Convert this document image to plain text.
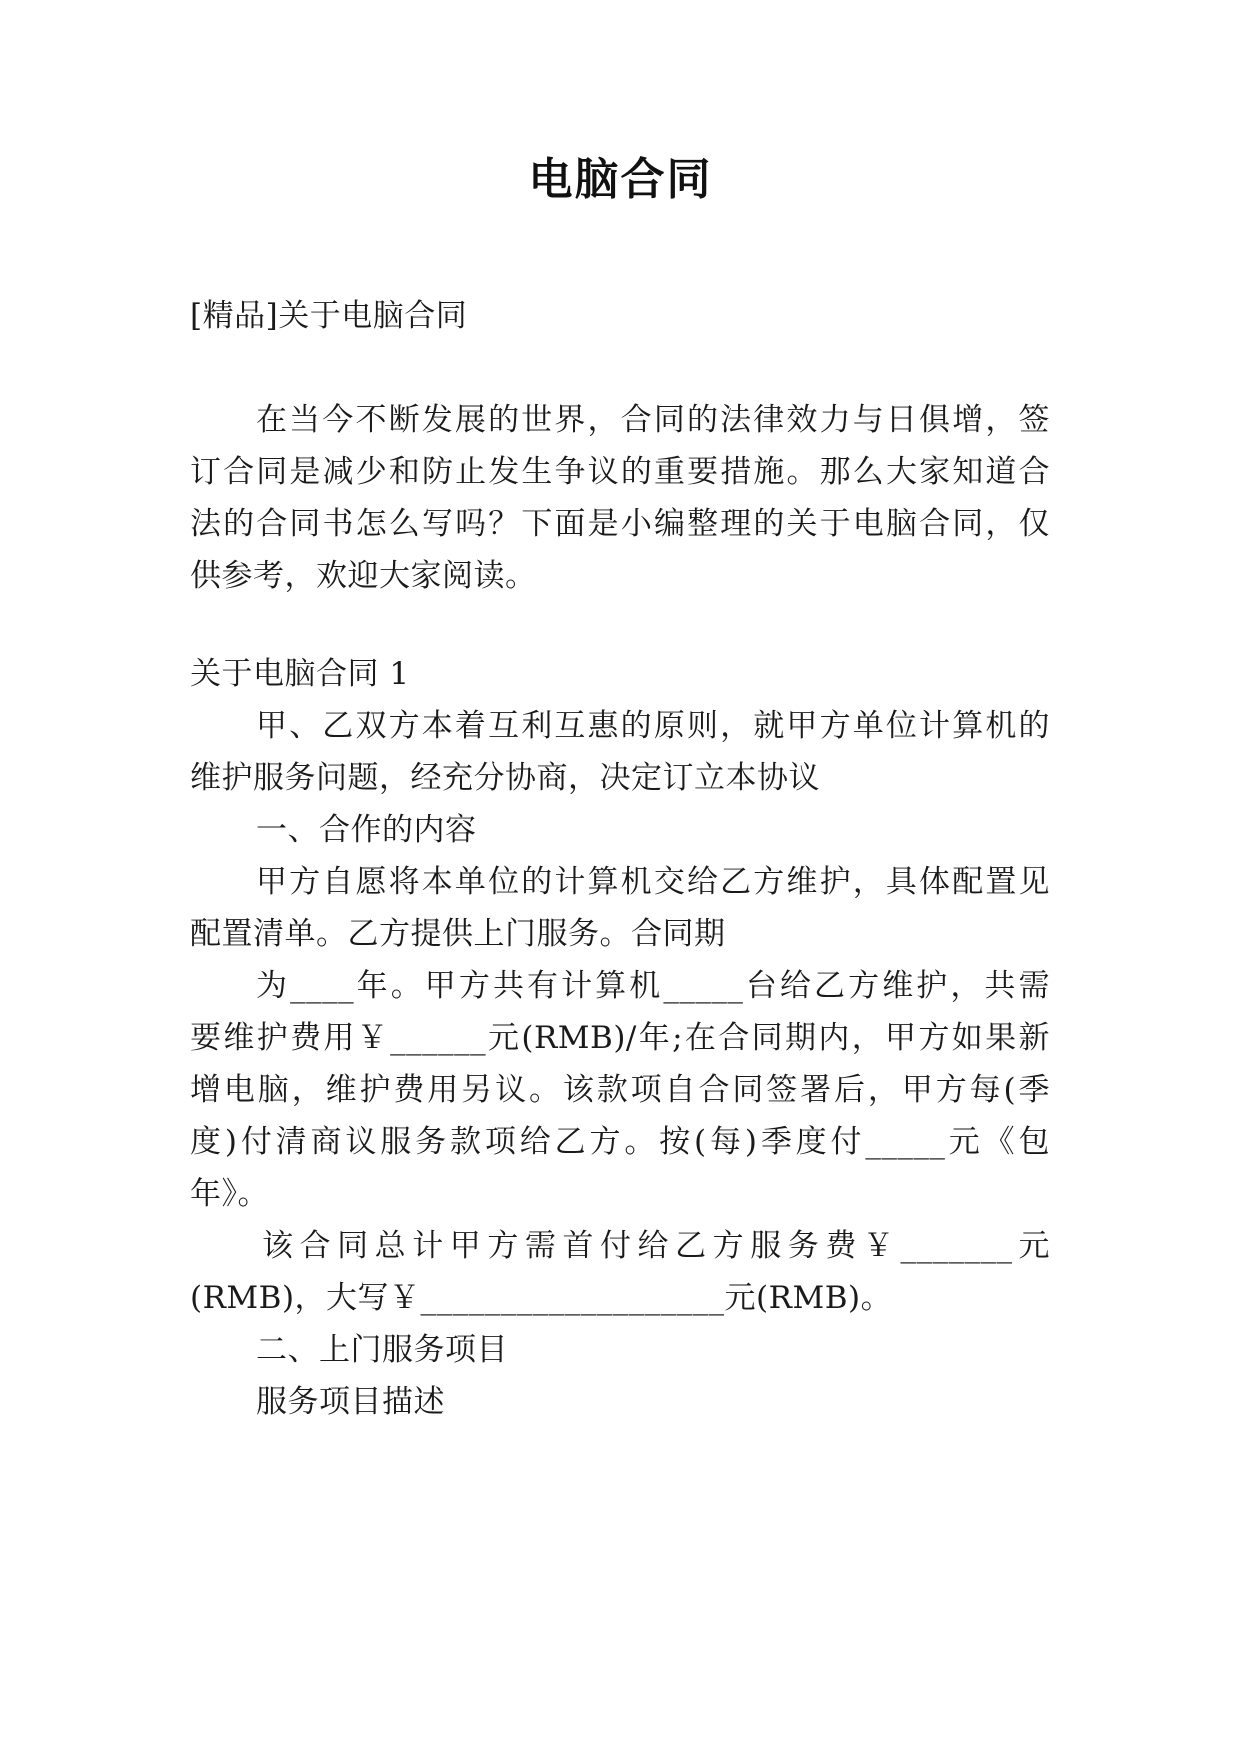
电脑合同
[精品]关于电脑合同
在当今不断发展的世界，合同的法律效力与日俱增，签
订合同是减少和防止发生争议的重要措施。那么大家知道合
法的合同书怎么写吗？下面是小编整理的关于电脑合同，仅
供参考，欢迎大家阅读。
关于电脑合同 1
甲、乙双方本着互利互惠的原则，就甲方单位计算机的
维护服务问题，经充分协商，决定订立本协议
一、合作的内容
甲方自愿将本单位的计算机交给乙方维护，具体配置见
配置清单。乙方提供上门服务。合同期
为____年。甲方共有计算机_____台给乙方维护，共需
要维护费用￥______元(RMB)/年;在合同期内，甲方如果新
增电脑，维护费用另议。该款项自合同签署后，甲方每(季
度)付清商议服务款项给乙方。按(每)季度付_____元《包
年》。
该合同总计甲方需首付给乙方服务费￥_______元
(RMB)，大写￥___________________元(RMB)。
二、上门服务项目
服务项目描述
